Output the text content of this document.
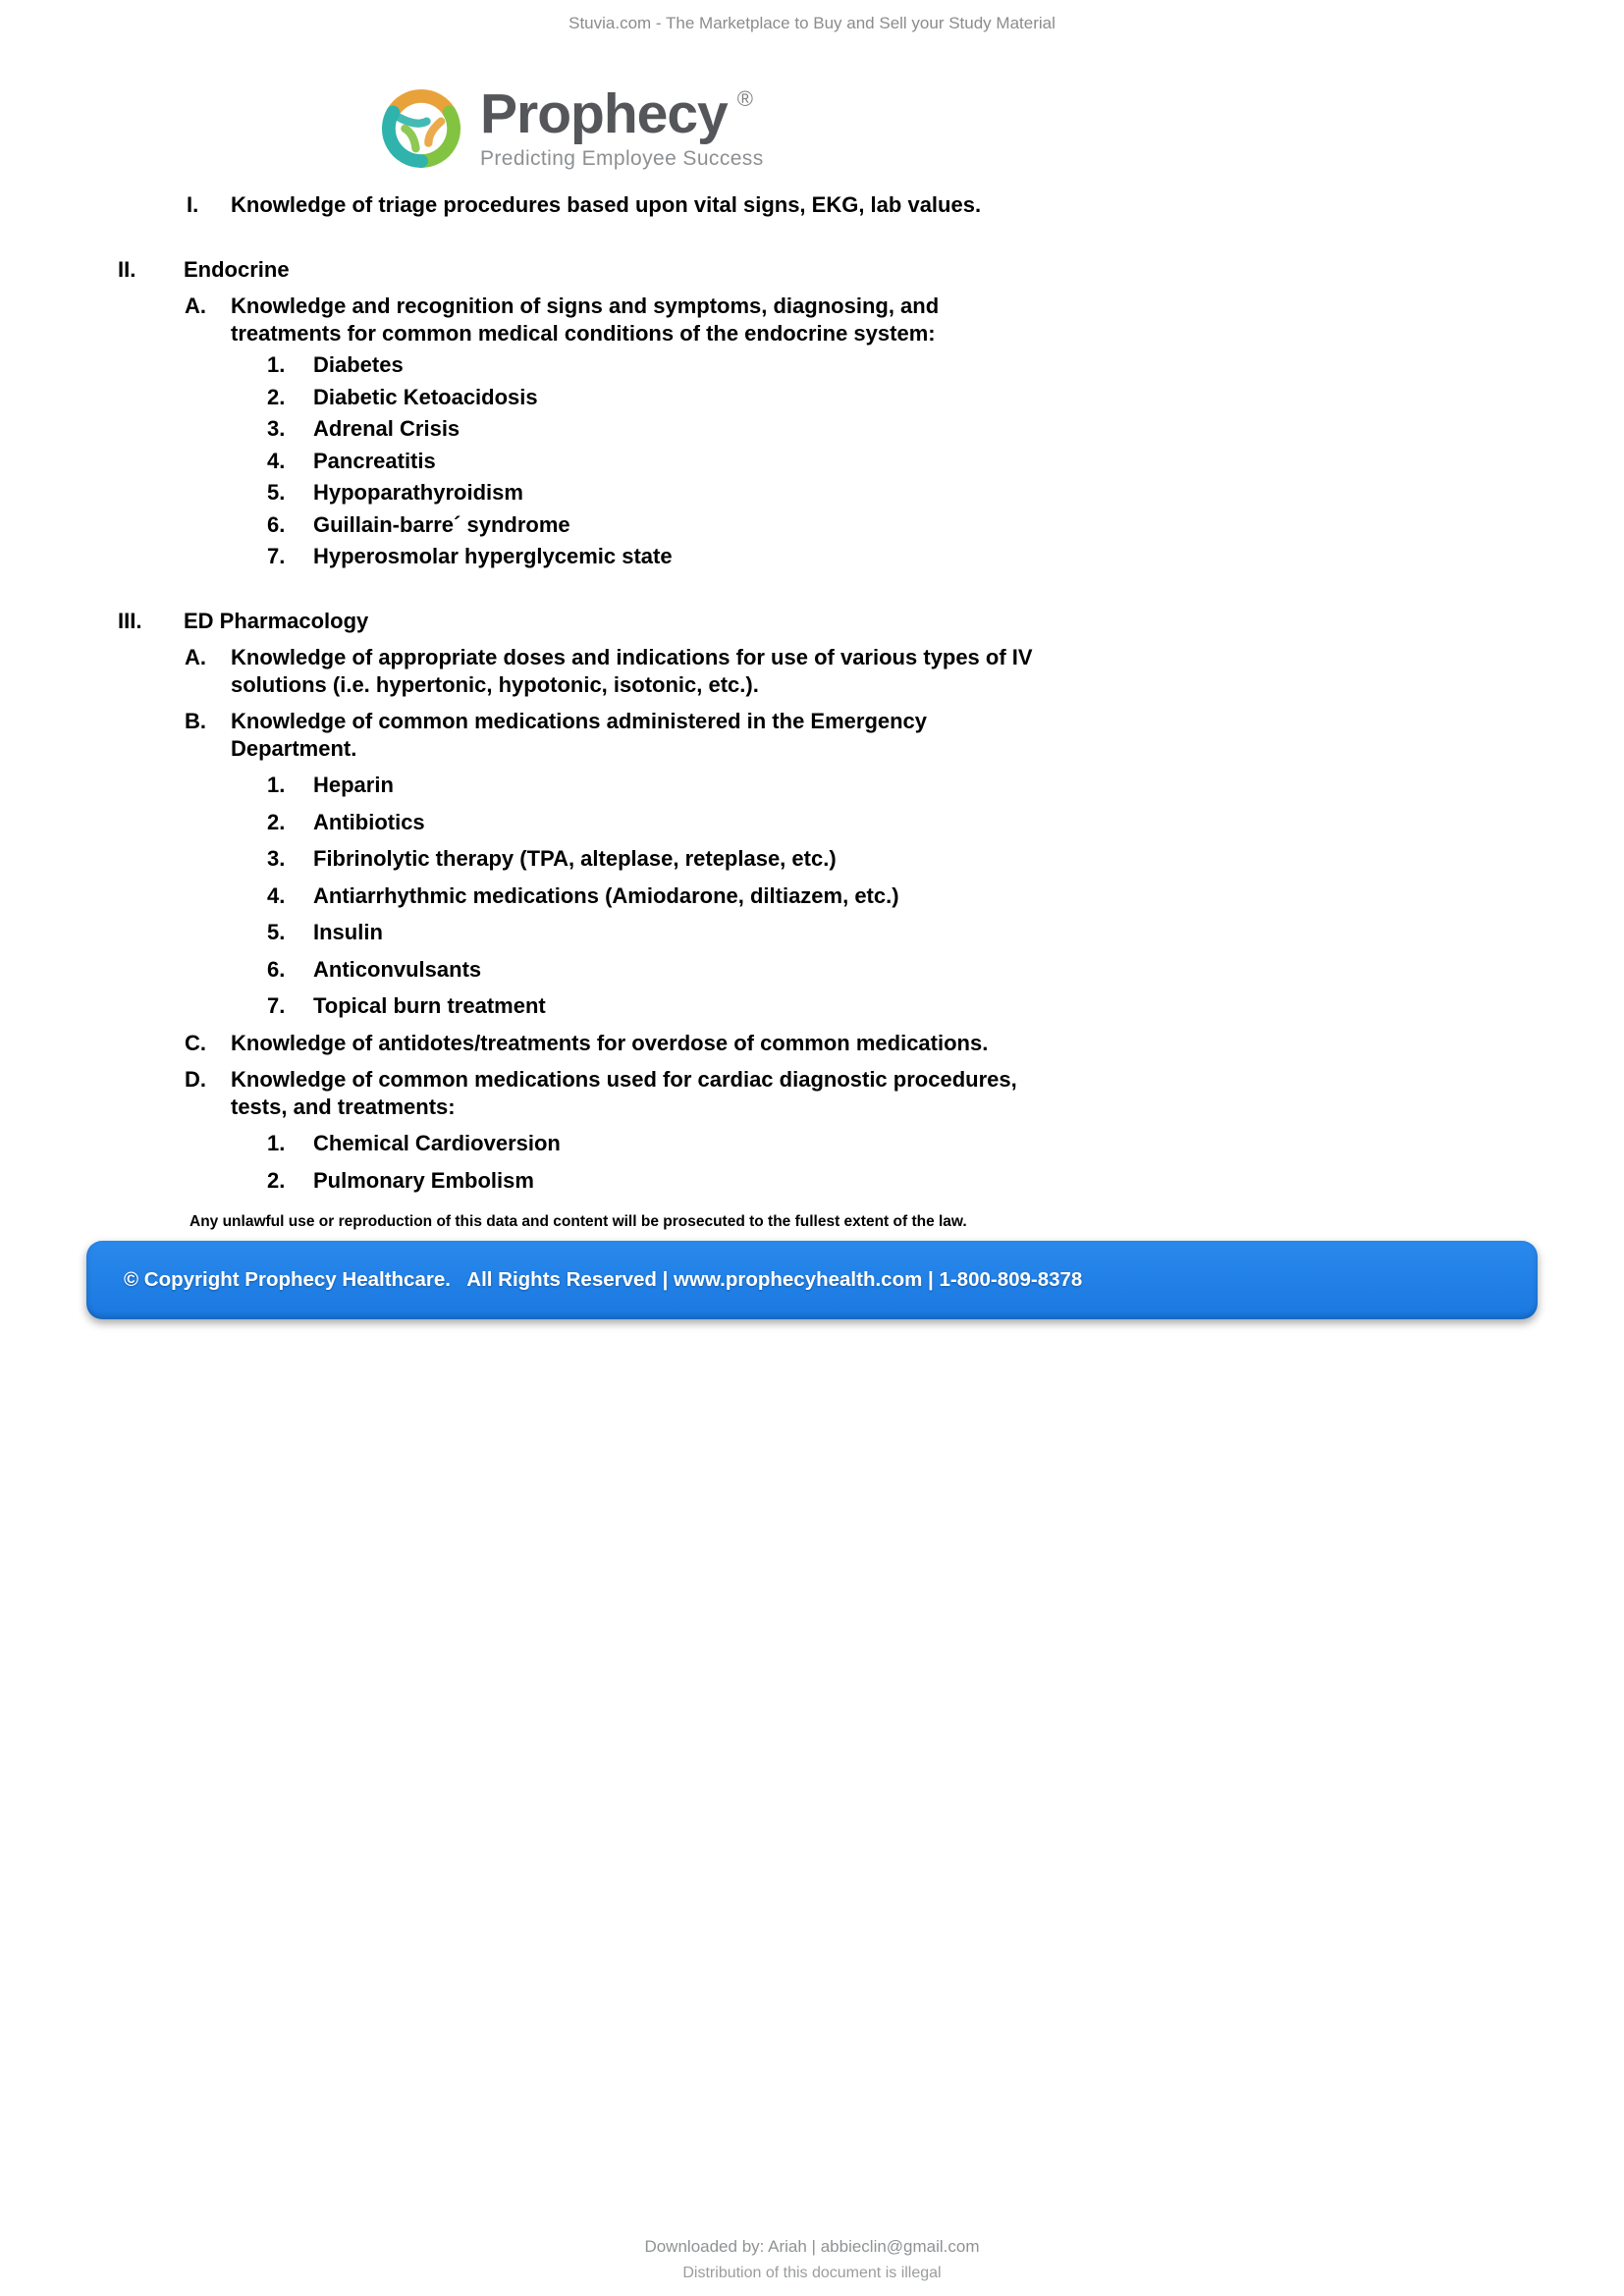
Stuvia.com - The Marketplace to Buy and Sell your Study Material
Prophecy ®
Predicting Employee Success
I.	Knowledge of triage procedures based upon vital signs, EKG, lab values.
II.	Endocrine
A.	Knowledge and recognition of signs and symptoms, diagnosing, and treatments for common medical conditions of the endocrine system:
1.	Diabetes
2.	Diabetic Ketoacidosis
3.	Adrenal Crisis
4.	Pancreatitis
5.	Hypoparathyroidism
6.	Guillain-barre´ syndrome
7.	Hyperosmolar hyperglycemic state
III.	ED Pharmacology
A.	Knowledge of appropriate doses and indications for use of various types of IV solutions (i.e. hypertonic, hypotonic, isotonic, etc.).
B.	Knowledge of common medications administered in the Emergency Department.
1.	Heparin
2.	Antibiotics
3.	Fibrinolytic therapy (TPA, alteplase, reteplase, etc.)
4.	Antiarrhythmic medications (Amiodarone, diltiazem, etc.)
5.	Insulin
6.	Anticonvulsants
7.	Topical burn treatment
C.	Knowledge of antidotes/treatments for overdose of common medications.
D.	Knowledge of common medications used for cardiac diagnostic procedures, tests, and treatments:
1.	Chemical Cardioversion
2.	Pulmonary Embolism
Any unlawful use or reproduction of this data and content will be prosecuted to the fullest extent of the law.
© Copyright Prophecy Healthcare.   All Rights Reserved | www.prophecyhealth.com | 1-800-809-8378
Downloaded by: Ariah | abbieclin@gmail.com
Distribution of this document is illegal
